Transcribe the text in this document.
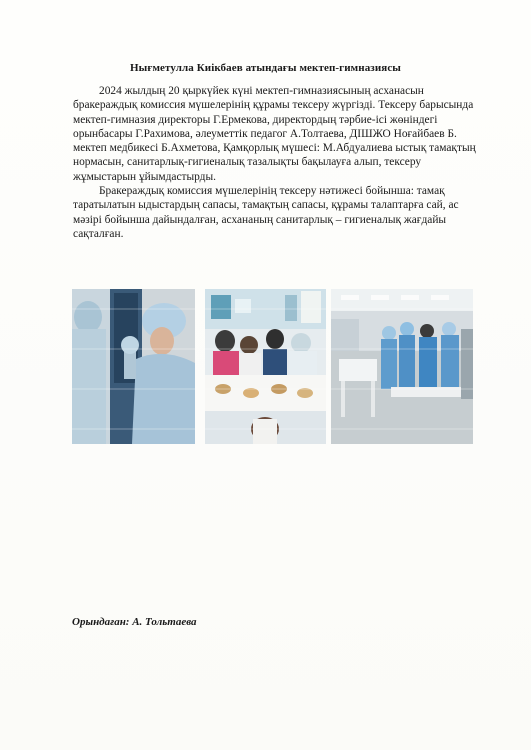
Нығметулла Киікбаев атындағы мектеп-гимназиясы

2024 жылдың 20 қыркүйек күні мектеп-гимназиясының асханасын бракераждық комиссия мүшелерінің құрамы тексеру жүргізді. Тексеру барысында мектеп-гимназия директоры Г.Ермекова, директордың тәрбие-ісі жөніндегі орынбасары Г.Рахимова, әлеуметтік педагог А.Толтаева, ДІШЖО Ноғайбаев Б. мектеп медбикесі Б.Ахметова, Қамқорлық мүшесі: М.Абдуалиева ыстық тамақтың нормасын, санитарлық-гигиеналық тазалықты бақылауға алып, тексеру жұмыстарын ұйымдастырды.

Бракераждық комиссия мүшелерінің тексеру нәтижесі бойынша: тамақ таратылатын ыдыстардың сапасы, тамақтың сапасы, құрамы талаптарға сай, ас мәзірі бойынша дайындалған, асхананың санитарлық – гигиеналық жағдайы сақталған.

Орындаған: А. Тольтаева
